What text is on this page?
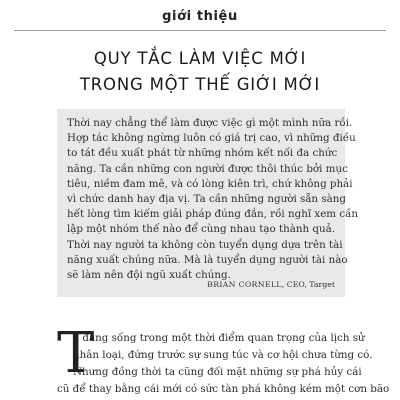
giới thiệu
QUY TẮC LÀM VIỆC MỚI
TRONG MỘT THẾ GIỚI MỚI
Thời nay chẳng thể làm được việc gì một mình nữa rồi.
Hợp tác không ngừng luôn có giá trị cao, vì những điều
to tát đều xuất phát từ những nhóm kết nối đa chức
năng. Ta cần những con người được thôi thúc bởi mục
tiêu, niềm đam mê, và có lòng kiên trì, chứ không phải
vì chức danh hay địa vị. Ta cần những người sẵn sàng
hết lòng tìm kiếm giải pháp đúng đắn, rồi nghĩ xem cần
lập một nhóm thế nào để cùng nhau tạo thành quả.
Thời nay người ta không còn tuyển dụng dựa trên tài
năng xuất chúng nữa. Mà là tuyển dụng người tài nào
sẽ làm nên đội ngũ xuất chúng.
BRIAN CORNELL, CEO, Target
T
a đang sống trong một thời điểm quan trọng của lịch sử
nhân loại, đứng trước sự sung túc và cơ hội chưa từng có.
Nhưng đồng thời ta cũng đối mặt những sự phá hủy cái
cũ để thay bằng cái mới có sức tàn phá không kém một cơn bão
